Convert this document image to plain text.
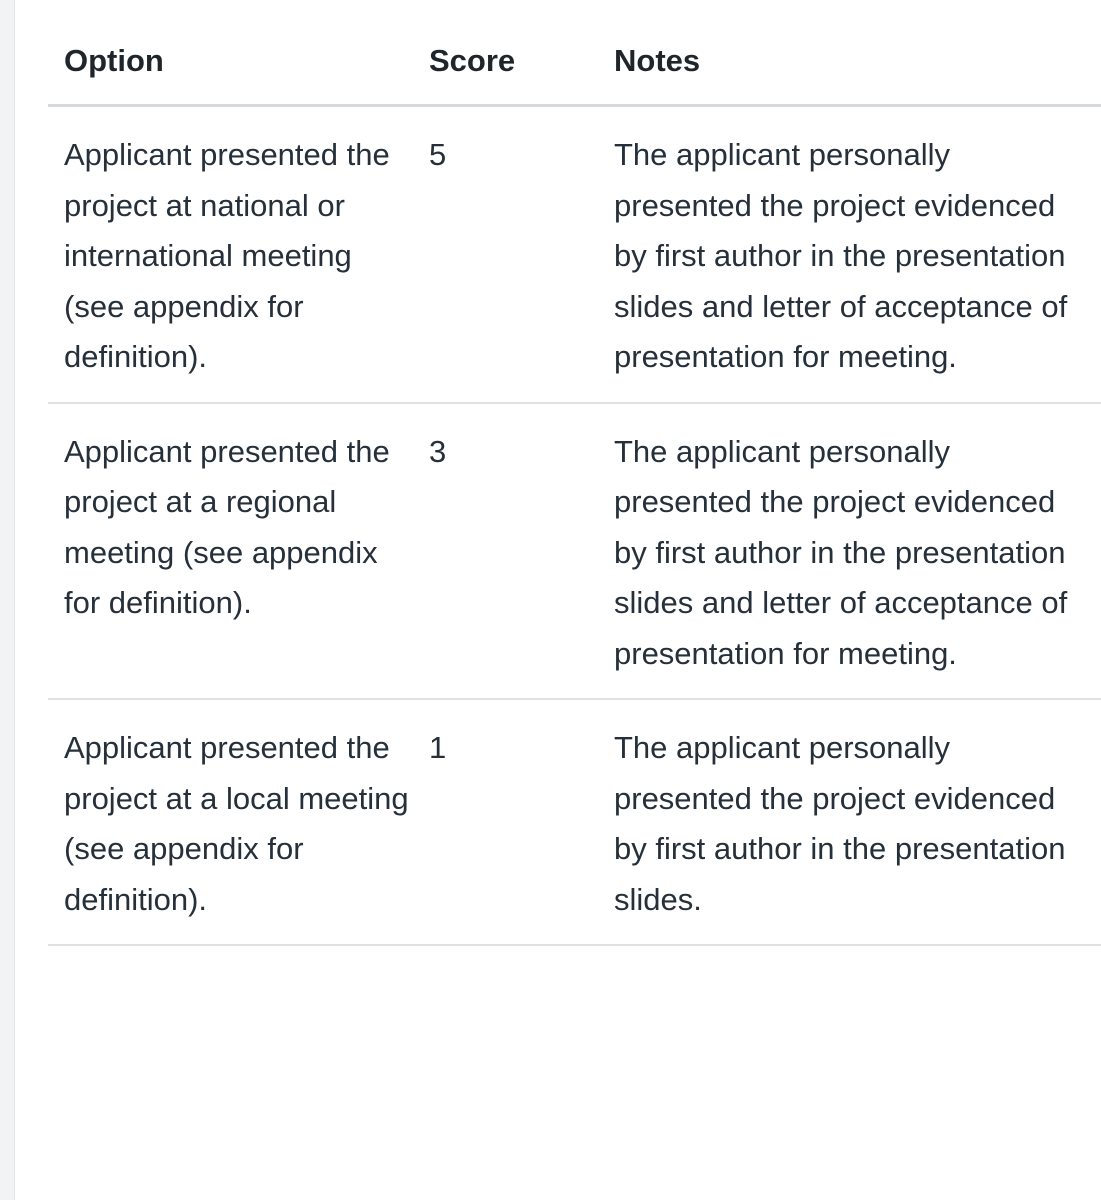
Option	Score	Notes
Applicant presented the project at national or international meeting (see appendix for definition).	5	The applicant personally presented the project evidenced by first author in the presentation slides and letter of acceptance of presentation for meeting.
Applicant presented the project at a regional meeting (see appendix for definition).	3	The applicant personally presented the project evidenced by first author in the presentation slides and letter of acceptance of presentation for meeting.
Applicant presented the project at a local meeting (see appendix for definition).	1	The applicant personally presented the project evidenced by first author in the presentation slides.
